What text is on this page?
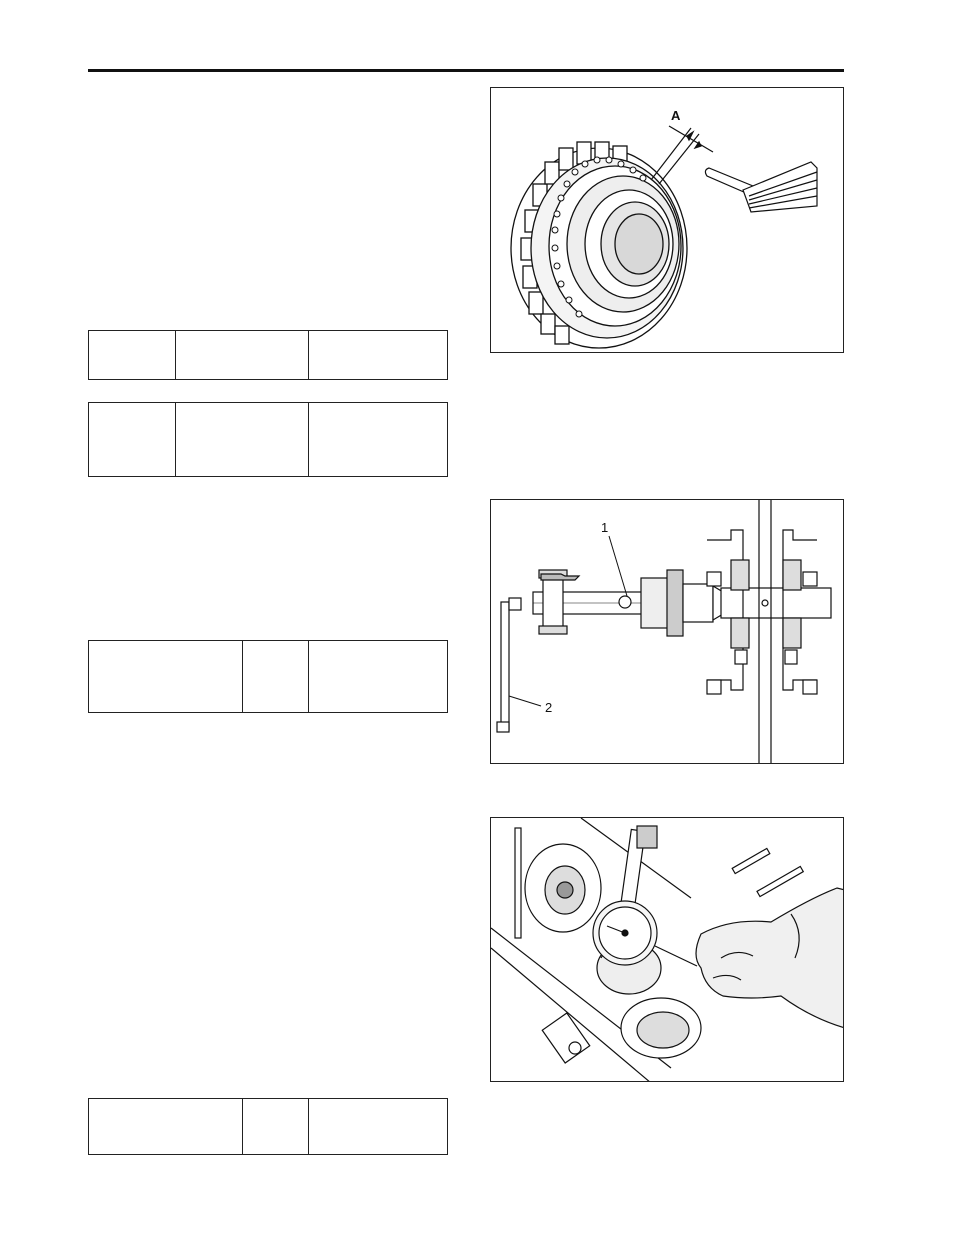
A
1
2
